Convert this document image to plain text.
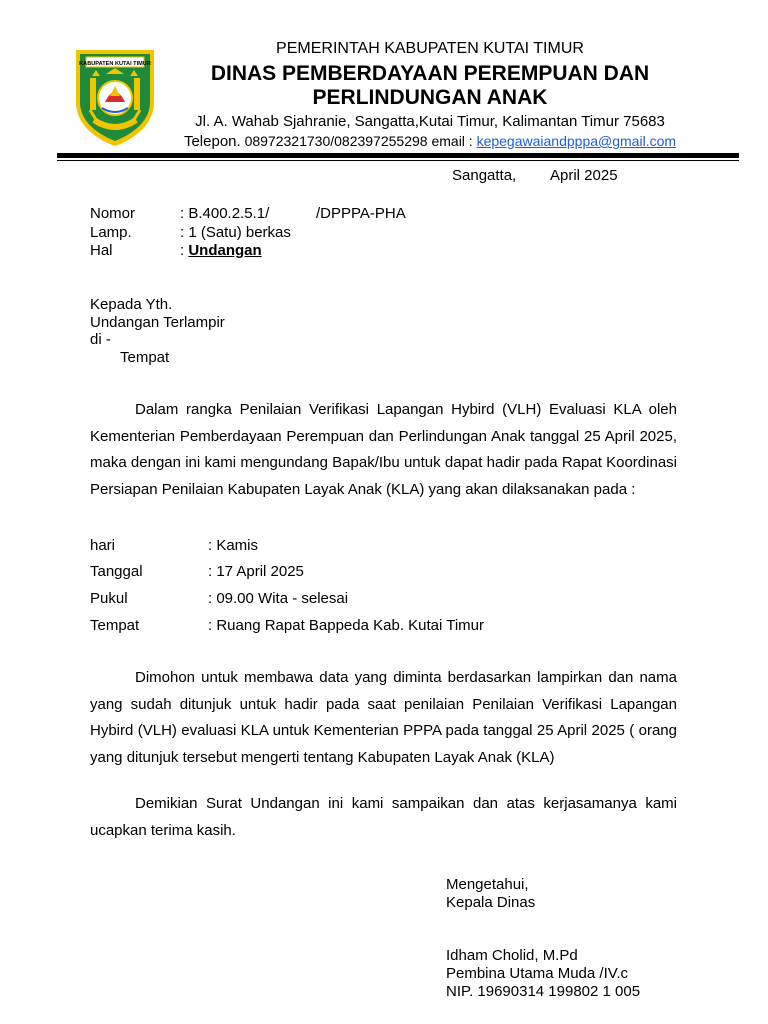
KABUPATEN KUTAI TIMUR
PEMERINTAH KABUPATEN KUTAI TIMUR
DINAS PEMBERDAYAAN PEREMPUAN DAN
PERLINDUNGAN ANAK
Jl. A. Wahab Sjahranie, Sangatta,Kutai Timur, Kalimantan Timur 75683
Telepon. 08972321730/082397255298 email : kepegawaiandpppa@gmail.com
Sangatta, April 2025
Nomor	: B.400.2.5.1/	/DPPPA-PHA
Lamp.	: 1 (Satu) berkas
Hal	: Undangan
Kepada Yth.
Undangan Terlampir
di -
Tempat
Dalam rangka Penilaian Verifikasi Lapangan Hybird (VLH) Evaluasi KLA oleh Kementerian Pemberdayaan Perempuan dan Perlindungan Anak tanggal 25 April 2025, maka dengan ini kami mengundang Bapak/Ibu untuk dapat hadir pada Rapat Koordinasi Persiapan Penilaian Kabupaten Layak Anak (KLA) yang akan dilaksanakan pada :
hari	: Kamis
Tanggal	: 17 April 2025
Pukul	: 09.00 Wita - selesai
Tempat	: Ruang Rapat Bappeda Kab. Kutai Timur
Dimohon untuk membawa data yang diminta berdasarkan lampirkan dan nama yang sudah ditunjuk untuk hadir pada saat penilaian Penilaian Verifikasi Lapangan Hybird (VLH) evaluasi KLA untuk Kementerian PPPA pada tanggal 25 April 2025 ( orang yang ditunjuk tersebut mengerti tentang Kabupaten Layak Anak (KLA)
Demikian Surat Undangan ini kami sampaikan dan atas kerjasamanya kami ucapkan terima kasih.
Mengetahui,
Kepala Dinas
Idham Cholid, M.Pd
Pembina Utama Muda /IV.c
NIP. 19690314 199802 1 005
